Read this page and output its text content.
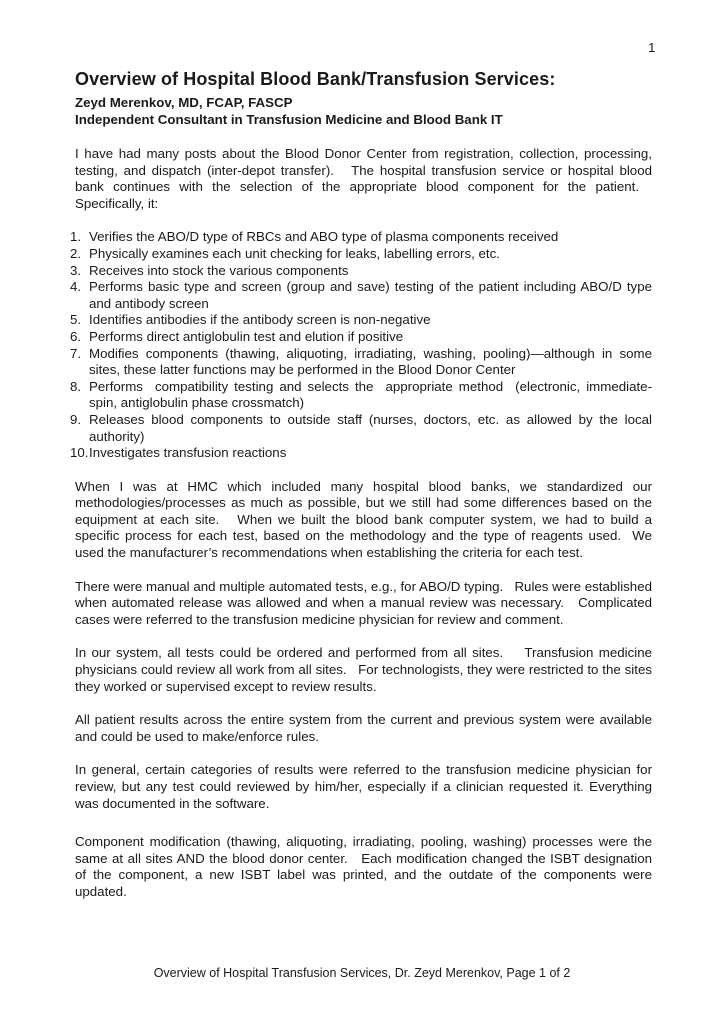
1
Overview of Hospital Blood Bank/Transfusion Services:
Zeyd Merenkov, MD, FCAP, FASCP
Independent Consultant in Transfusion Medicine and Blood Bank IT

I have had many posts about the Blood Donor Center from registration, collection, processing, testing, and dispatch (inter-depot transfer).   The hospital transfusion service or hospital blood bank continues with the selection of the appropriate blood component for the patient.   Specifically, it:

1. Verifies the ABO/D type of RBCs and ABO type of plasma components received
2. Physically examines each unit checking for leaks, labelling errors, etc.
3. Receives into stock the various components
4. Performs basic type and screen (group and save) testing of the patient including ABO/D type and antibody screen
5. Identifies antibodies if the antibody screen is non-negative
6. Performs direct antiglobulin test and elution if positive
7. Modifies components (thawing, aliquoting, irradiating, washing, pooling)—although in some sites, these latter functions may be performed in the Blood Donor Center
8. Performs  compatibility testing and selects the  appropriate method  (electronic, immediate-spin, antiglobulin phase crossmatch)
9. Releases blood components to outside staff (nurses, doctors, etc. as allowed by the local authority)
10. Investigates transfusion reactions

When I was at HMC which included many hospital blood banks, we standardized our methodologies/processes as much as possible, but we still had some differences based on the equipment at each site.   When we built the blood bank computer system, we had to build a specific process for each test, based on the methodology and the type of reagents used.  We used the manufacturer’s recommendations when establishing the criteria for each test.

There were manual and multiple automated tests, e.g., for ABO/D typing.   Rules were established when automated release was allowed and when a manual review was necessary.   Complicated cases were referred to the transfusion medicine physician for review and comment.

In our system, all tests could be ordered and performed from all sites.    Transfusion medicine physicians could review all work from all sites.   For technologists, they were restricted to the sites they worked or supervised except to review results.

All patient results across the entire system from the current and previous system were available and could be used to make/enforce rules.

In general, certain categories of results were referred to the transfusion medicine physician for review, but any test could reviewed by him/her, especially if a clinician requested it. Everything was documented in the software.

Component modification (thawing, aliquoting, irradiating, pooling, washing) processes were the same at all sites AND the blood donor center.   Each modification changed the ISBT designation of the component, a new ISBT label was printed, and the outdate of the components were updated.

Overview of Hospital Transfusion Services, Dr. Zeyd Merenkov, Page 1 of 2
